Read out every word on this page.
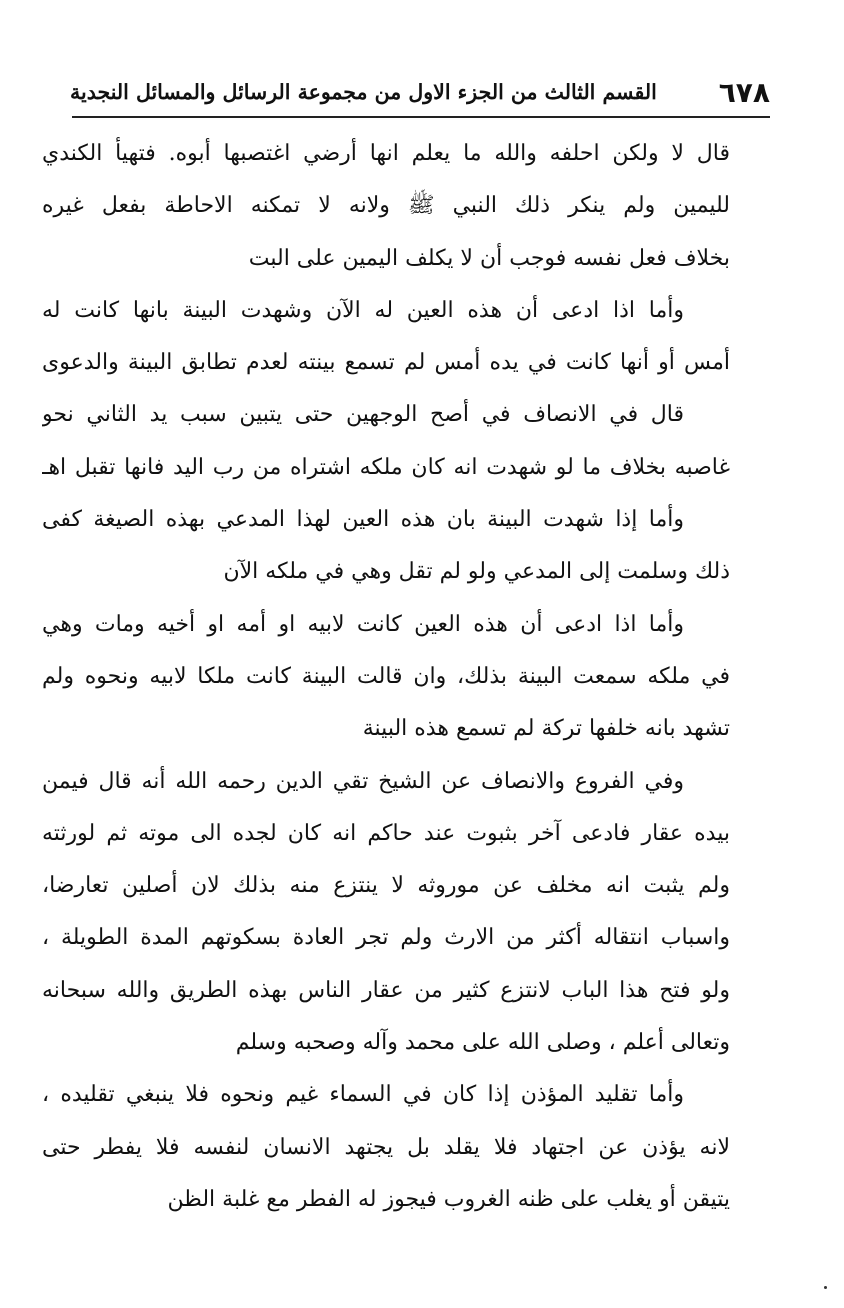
٦٧٨
القسم الثالث من الجزء الاول من مجموعة الرسائل والمسائل النجدية
قال لا ولكن احلفه والله ما يعلم انها أرضي اغتصبها أبوه. فتهيأ الكندي
لليمين ولم ينكر ذلك النبي ﷺ ولانه لا تمكنه الاحاطة بفعل غيره
بخلاف فعل نفسه فوجب أن لا يكلف اليمين على البت
وأما اذا ادعى أن هذه العين له الآن وشهدت البينة بانها كانت له
أمس أو أنها كانت في يده أمس لم تسمع بينته لعدم تطابق البينة والدعوى
قال في الانصاف في أصح الوجهين حتى يتبين سبب يد الثاني نحو
غاصبه بخلاف ما لو شهدت انه كان ملكه اشتراه من رب اليد فانها تقبل اهـ
وأما إذا شهدت البينة بان هذه العين لهذا المدعي بهذه الصيغة كفى
ذلك وسلمت إلى المدعي ولو لم تقل وهي في ملكه الآن
وأما اذا ادعى أن هذه العين كانت لابيه او أمه او أخيه ومات وهي
في ملكه سمعت البينة بذلك، وان قالت البينة كانت ملكا لابيه ونحوه ولم
تشهد بانه خلفها تركة لم تسمع هذه البينة
وفي الفروع والانصاف عن الشيخ تقي الدين رحمه الله أنه قال فيمن
بيده عقار فادعى آخر بثبوت عند حاكم انه كان لجده الى موته ثم لورثته
ولم يثبت انه مخلف عن موروثه لا ينتزع منه بذلك لان أصلين تعارضا،
واسباب انتقاله أكثر من الارث ولم تجر العادة بسكوتهم المدة الطويلة ،
ولو فتح هذا الباب لانتزع كثير من عقار الناس بهذه الطريق والله سبحانه
وتعالى أعلم ، وصلى الله على محمد وآله وصحبه وسلم
وأما تقليد المؤذن إذا كان في السماء غيم ونحوه فلا ينبغي تقليده ،
لانه يؤذن عن اجتهاد فلا يقلد بل يجتهد الانسان لنفسه فلا يفطر حتى
يتيقن أو يغلب على ظنه الغروب فيجوز له الفطر مع غلبة الظن
